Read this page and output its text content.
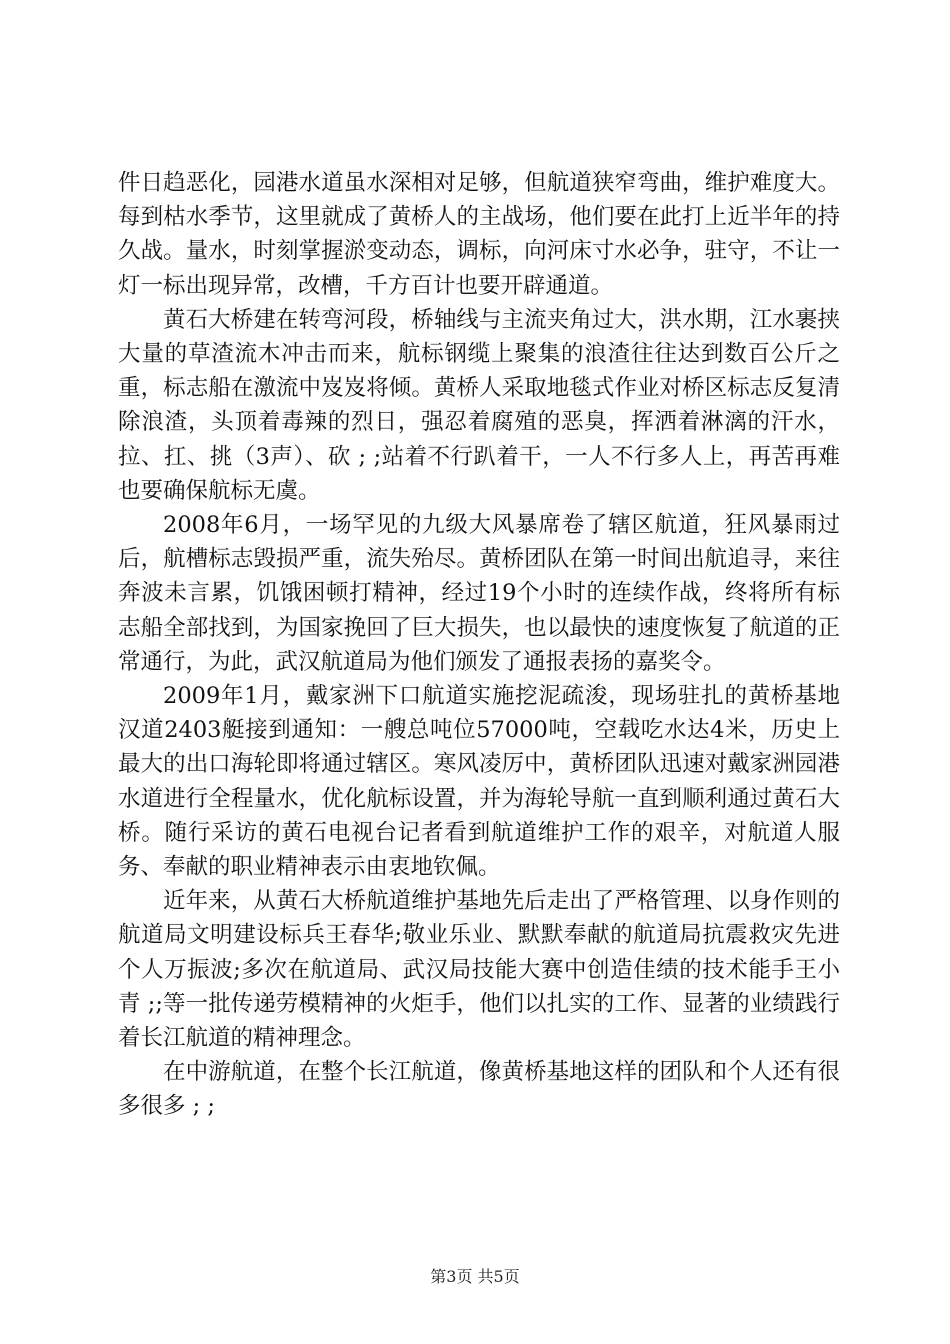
件日趋恶化，园港水道虽水深相对足够，但航道狭窄弯曲，维护难度大。每到枯水季节，这里就成了黄桥人的主战场，他们要在此打上近半年的持久战。量水，时刻掌握淤变动态，调标，向河床寸水必争，驻守，不让一灯一标出现异常，改槽，千方百计也要开辟通道。

黄石大桥建在转弯河段，桥轴线与主流夹角过大，洪水期，江水裹挟大量的草渣流木冲击而来，航标钢缆上聚集的浪渣往往达到数百公斤之重，标志船在激流中岌岌将倾。黄桥人采取地毯式作业对桥区标志反复清除浪渣，头顶着毒辣的烈日，强忍着腐殖的恶臭，挥洒着淋漓的汗水，拉、扛、挑（3声）、砍 ; ;站着不行趴着干，一人不行多人上，再苦再难也要确保航标无虞。

2008年6月，一场罕见的九级大风暴席卷了辖区航道，狂风暴雨过后，航槽标志毁损严重，流失殆尽。黄桥团队在第一时间出航追寻，来往奔波未言累，饥饿困顿打精神，经过19个小时的连续作战，终将所有标志船全部找到，为国家挽回了巨大损失，也以最快的速度恢复了航道的正常通行，为此，武汉航道局为他们颁发了通报表扬的嘉奖令。

2009年1月，戴家洲下口航道实施挖泥疏浚，现场驻扎的黄桥基地汉道2403艇接到通知：一艘总吨位57000吨，空载吃水达4米，历史上最大的出口海轮即将通过辖区。寒风凌厉中，黄桥团队迅速对戴家洲园港水道进行全程量水，优化航标设置，并为海轮导航一直到顺利通过黄石大桥。随行采访的黄石电视台记者看到航道维护工作的艰辛，对航道人服务、奉献的职业精神表示由衷地钦佩。

近年来，从黄石大桥航道维护基地先后走出了严格管理、以身作则的航道局文明建设标兵王春华;敬业乐业、默默奉献的航道局抗震救灾先进个人万振波;多次在航道局、武汉局技能大赛中创造佳绩的技术能手王小青 ;;等一批传递劳模精神的火炬手，他们以扎实的工作、显著的业绩践行着长江航道的精神理念。

在中游航道，在整个长江航道，像黄桥基地这样的团队和个人还有很多很多 ; ;

第3页 共5页
